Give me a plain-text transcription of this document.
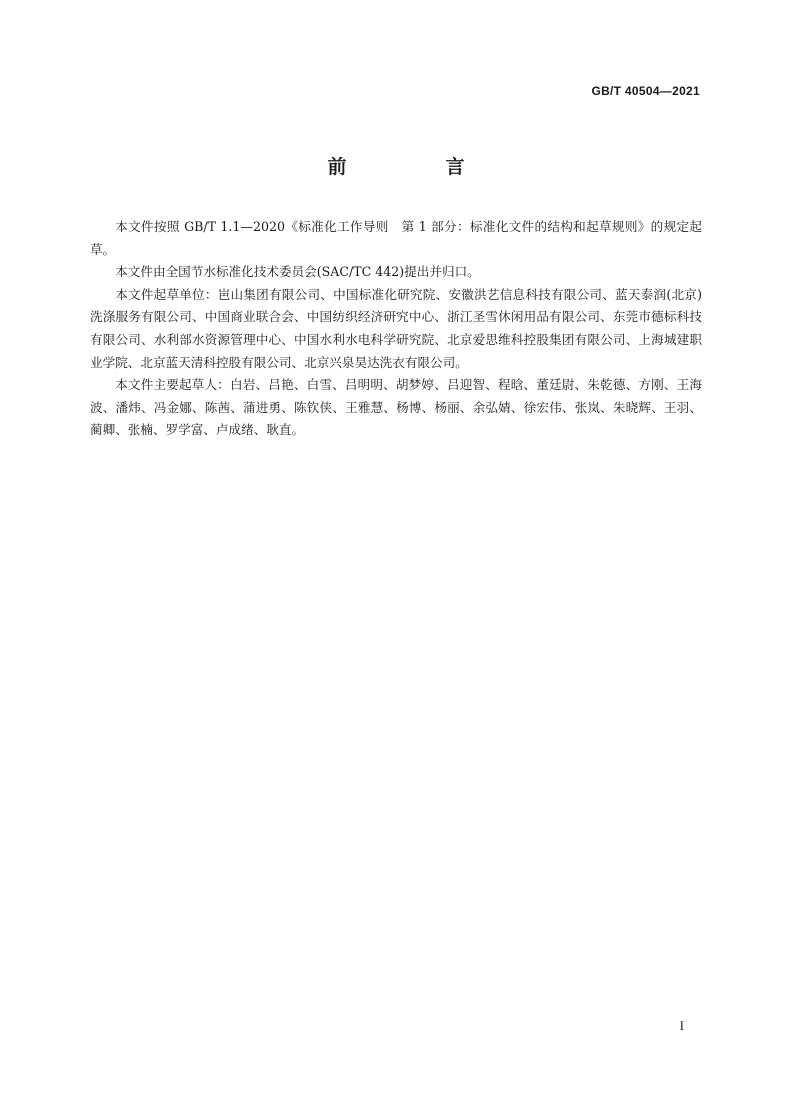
GB/T 40504—2021
前　言

本文件按照 GB/T 1.1—2020《标准化工作导则　第 1 部分：标准化文件的结构和起草规则》的规定起草。

本文件由全国节水标准化技术委员会(SAC/TC 442)提出并归口。

本文件起草单位：岜山集团有限公司、中国标准化研究院、安徽洪艺信息科技有限公司、蓝天泰润(北京)洗涤服务有限公司、中国商业联合会、中国纺织经济研究中心、浙江圣雪休闲用品有限公司、东莞市德标科技有限公司、水利部水资源管理中心、中国水利水电科学研究院、北京爱思维科控股集团有限公司、上海城建职业学院、北京蓝天清科控股有限公司、北京兴泉昊达洗衣有限公司。

本文件主要起草人：白岩、吕艳、白雪、吕明明、胡梦婷、吕迎智、程晗、董廷尉、朱乾德、方刚、王海波、潘炜、冯金娜、陈茜、蒲进勇、陈钦侠、王雅慧、杨博、杨丽、余弘婧、徐宏伟、张岚、朱晓辉、王羽、蔺卿、张楠、罗学富、卢成绪、耿直。

I
